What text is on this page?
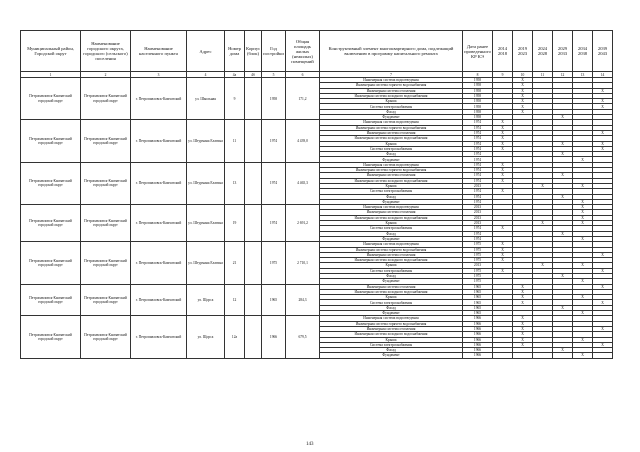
Муниципальный район, Городской округ	Наименование городского округа, городского (сельского) поселения	Наименование населенного пункта	Адрес	Номер дома	Корпус (блок)	Год постройки	Общая площадь жилых (нежилых) помещений	Конструктивный элемент многоквартирного дома, подлежащий включению в программу капитального ремонта	Дата ранее проведенного КР КЭ	2014 2018	2019 2023	2024 2028	2029 2033	2034 2038	2039 2043
1	2	3	4	4a	4б	5	6	7	8	9	10	11	12	13	14
Петропавловск-Камчатский городской округ	Петропавловск-Камчатский городской округ	г. Петропавловск-Камчатский	ул. Школьная	9		1958	171,2	Инженерная система водоотведения	1958		X				
								Инженерная система горячего водоснабжения	1958		X				
								Инженерная система отопления	1958		X				X
								Инженерная система холодного водоснабжения	1958		X				
								Крыша	1958		X				X
								Система электроснабжения	1958		X				X
								Фасад	1958		X				
								Фундамент	1958				X		
Петропавловск-Камчатский городской округ	Петропавловск-Камчатский городской округ	г. Петропавловск-Камчатский	ул. Штурмана Елагина	11		1974	4 439,0	Инженерная система водоотведения	1974	X					
								Инженерная система горячего водоснабжения	1974	X					
								Инженерная система отопления	1974	X					X
								Инженерная система холодного водоснабжения	1974	X					
								Крыша	1974	X			X		X
								Система электроснабжения	1974	X					X
								Фасад	1974				X		
								Фундамент	1974					X	
Петропавловск-Камчатский городской округ	Петропавловск-Камчатский городской округ	г. Петропавловск-Камчатский	ул. Штурмана Елагина	13		1974	4 465,3	Инженерная система водоотведения	1974	X					
								Инженерная система горячего водоснабжения	1974	X					
								Инженерная система отопления	1974	X			X		
								Инженерная система холодного водоснабжения	1974	X					
								Крыша	2013			X		X	
								Система электроснабжения	1974	X					
								Фасад	1974				X		
								Фундамент	1974					X	
Петропавловск-Камчатский городской округ	Петропавловск-Камчатский городской округ	г. Петропавловск-Камчатский	ул. Штурмана Елагина	19		1974	2 691,2	Инженерная система водоотведения	2013					X	
								Инженерная система отопления	2013					X	
								Инженерная система холодного водоснабжения	2013					X	
								Крыша	2013			X		X	
								Система электроснабжения	1974	X					
								Фасад	1974				X		
								Фундамент	1974					X	
Петропавловск-Камчатский городской округ	Петропавловск-Камчатский городской округ	г. Петропавловск-Камчатский	ул. Штурмана Елагина	21		1975	2 710,1	Инженерная система водоотведения	1975	X					
								Инженерная система горячего водоснабжения	1975	X					
								Инженерная система отопления	1975	X					X
								Инженерная система холодного водоснабжения	1975	X					
								Крыша	2013			X		X	
								Система электроснабжения	1975	X					X
								Фасад	1975				X		
								Фундамент	1975					X	
Петропавловск-Камчатский городской округ	Петропавловск-Камчатский городской округ	г. Петропавловск-Камчатский	ул. Щорса	12		1965	284,3	Инженерная система отопления	1965		X				X
								Инженерная система холодного водоснабжения	1965		X				
								Крыша	1965		X			X	
								Система электроснабжения	1965		X				X
								Фасад	1965				X		
								Фундамент	1965					X	
Петропавловск-Камчатский городской округ	Петропавловск-Камчатский городской округ	г. Петропавловск-Камчатский	ул. Щорса	12а		1966	679,5	Инженерная система водоотведения	1966		X				
								Инженерная система горячего водоснабжения	1966		X				
								Инженерная система отопления	1966		X				X
								Инженерная система холодного водоснабжения	1966		X				
								Крыша	1966		X			X	
								Система электроснабжения	1966		X				X
								Фасад	1966				X		
								Фундамент	1966					X	
143
